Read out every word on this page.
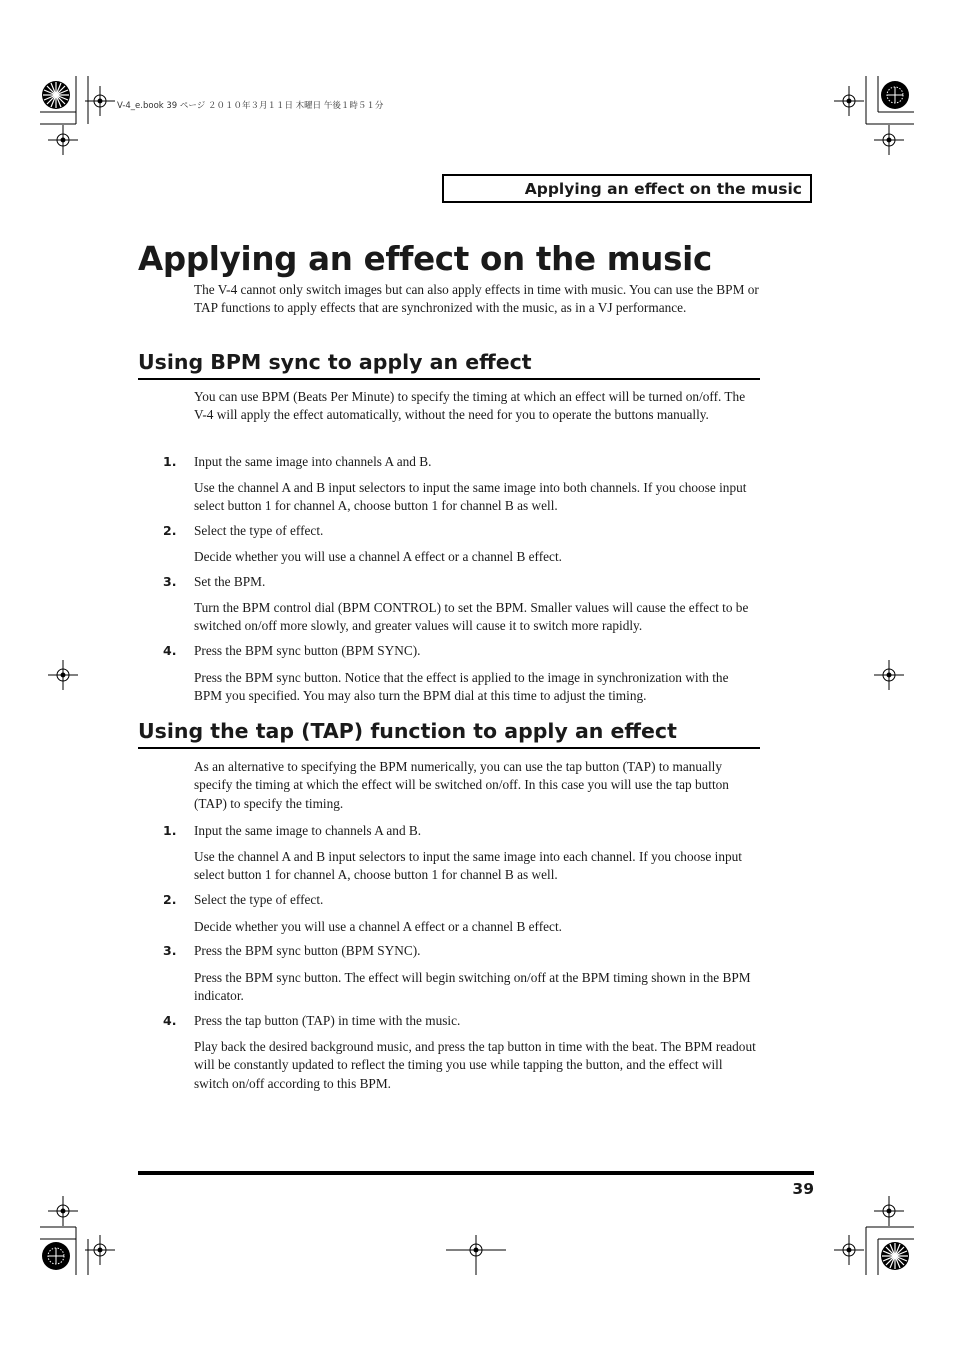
V-4_e.book 39 ページ ２０１０年３月１１日 木曜日 午後１時５１分
Applying an effect on the music
Applying an effect on the music

The V-4 cannot only switch images but can also apply effects in time with music. You can use the BPM or TAP functions to apply effects that are synchronized with the music, as in a VJ performance.

Using BPM sync to apply an effect

You can use BPM (Beats Per Minute) to specify the timing at which an effect will be turned on/off. The V-4 will apply the effect automatically, without the need for you to operate the buttons manually.

1.	Input the same image into channels A and B.

Use the channel A and B input selectors to input the same image into both channels. If you choose input select button 1 for channel A, choose button 1 for channel B as well.

2.	Select the type of effect.

Decide whether you will use a channel A effect or a channel B effect.

3.	Set the BPM.

Turn the BPM control dial (BPM CONTROL) to set the BPM. Smaller values will cause the effect to be switched on/off more slowly, and greater values will cause it to switch more rapidly.

4.	Press the BPM sync button (BPM SYNC).

Press the BPM sync button. Notice that the effect is applied to the image in synchronization with the BPM you specified. You may also turn the BPM dial at this time to adjust the timing.

Using the tap (TAP) function to apply an effect

As an alternative to specifying the BPM numerically, you can use the tap button (TAP) to manually specify the timing at which the effect will be switched on/off. In this case you will use the tap button (TAP) to specify the timing.

1.	Input the same image to channels A and B.

Use the channel A and B input selectors to input the same image into each channel. If you choose input select button 1 for channel A, choose button 1 for channel B as well.

2.	Select the type of effect.

Decide whether you will use a channel A effect or a channel B effect.

3.	Press the BPM sync button (BPM SYNC).

Press the BPM sync button. The effect will begin switching on/off at the BPM timing shown in the BPM indicator.

4.	Press the tap button (TAP) in time with the music.

Play back the desired background music, and press the tap button in time with the beat. The BPM readout will be constantly updated to reflect the timing you use while tapping the button, and the effect will switch on/off according to this BPM.

39
